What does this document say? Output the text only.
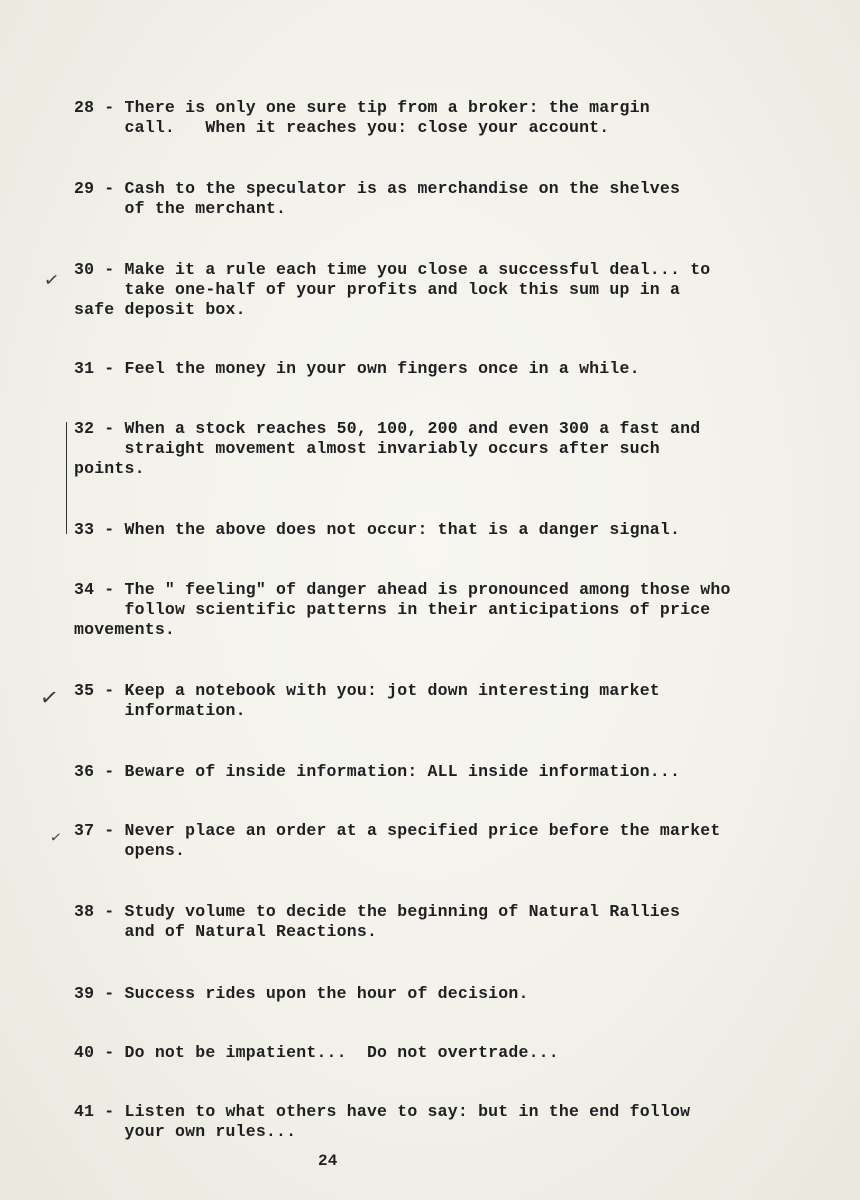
​
✓
✓
✓
28 - There is only one sure tip from a broker: the margin
call.   When it reaches you: close your account.
29 - Cash to the speculator is as merchandise on the shelves
of the merchant.
30 - Make it a rule each time you close a successful deal... to
take one-half of your profits and lock this sum up in a
safe deposit box.
31 - Feel the money in your own fingers once in a while.
32 - When a stock reaches 50, 100, 200 and even 300 a fast and
straight movement almost invariably occurs after such
points.
33 - When the above does not occur: that is a danger signal.
34 - The " feeling" of danger ahead is pronounced among those who
follow scientific patterns in their anticipations of price
movements.
35 - Keep a notebook with you: jot down interesting market
information.
36 - Beware of inside information: ALL inside information...
37 - Never place an order at a specified price before the market
opens.
38 - Study volume to decide the beginning of Natural Rallies
and of Natural Reactions.
39 - Success rides upon the hour of decision.
40 - Do not be impatient...  Do not overtrade...
41 - Listen to what others have to say: but in the end follow
your own rules...
24
